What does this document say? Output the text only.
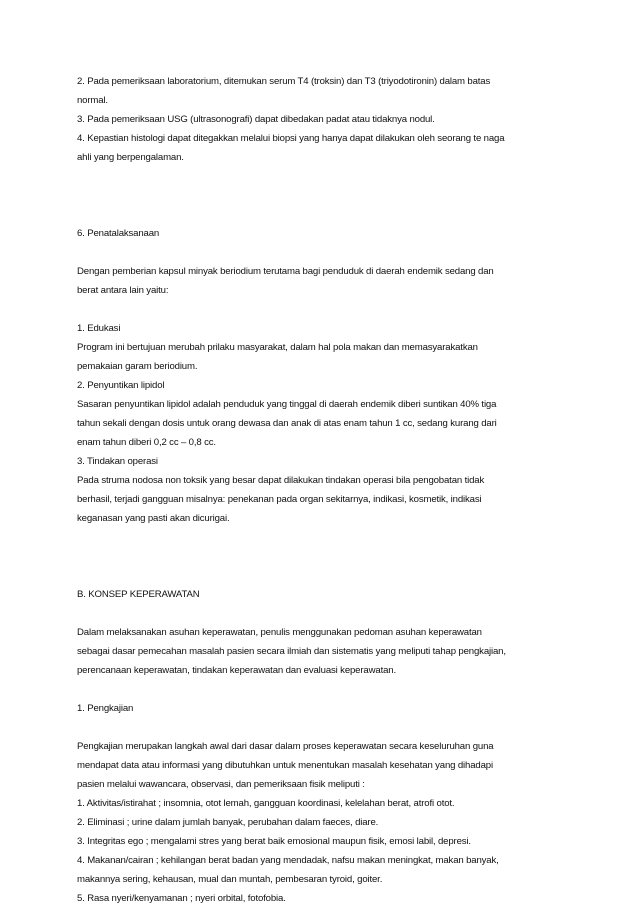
2. Pada pemeriksaan laboratorium, ditemukan serum T4 (troksin) dan T3 (triyodotironin) dalam batas

normal.

3. Pada pemeriksaan USG (ultrasonografi) dapat dibedakan padat atau tidaknya nodul.

4. Kepastian histologi dapat ditegakkan melalui biopsi yang hanya dapat dilakukan oleh seorang te naga

ahli yang berpengalaman.

6. Penatalaksanaan

Dengan pemberian kapsul minyak beriodium terutama bagi penduduk di daerah endemik sedang dan

berat antara lain yaitu:

1. Edukasi

Program ini bertujuan merubah prilaku masyarakat, dalam hal pola makan dan memasyarakatkan

pemakaian garam beriodium.

2. Penyuntikan lipidol

Sasaran penyuntikan lipidol adalah penduduk yang tinggal di daerah endemik diberi suntikan 40% tiga

tahun sekali dengan dosis untuk orang dewasa dan anak di atas enam tahun 1 cc, sedang kurang dari

enam tahun diberi 0,2 cc – 0,8 cc.

3. Tindakan operasi

Pada struma nodosa non toksik yang besar dapat dilakukan tindakan operasi bila pengobatan tidak

berhasil, terjadi gangguan misalnya: penekanan pada organ sekitarnya, indikasi, kosmetik, indikasi

keganasan yang pasti akan dicurigai.

B. KONSEP KEPERAWATAN

Dalam melaksanakan asuhan keperawatan, penulis menggunakan pedoman asuhan keperawatan

sebagai dasar pemecahan masalah pasien secara ilmiah dan sistematis yang meliputi tahap pengkajian,

perencanaan keperawatan, tindakan keperawatan dan evaluasi keperawatan.

1. Pengkajian

Pengkajian merupakan langkah awal dari dasar dalam proses keperawatan secara keseluruhan guna

mendapat data atau informasi yang dibutuhkan untuk menentukan masalah kesehatan yang dihadapi

pasien melalui wawancara, observasi, dan pemeriksaan fisik meliputi :

1. Aktivitas/istirahat ; insomnia, otot lemah, gangguan koordinasi, kelelahan berat, atrofi otot.

2. Eliminasi ; urine dalam jumlah banyak, perubahan dalam faeces, diare.

3. Integritas ego ; mengalami stres yang berat baik emosional maupun fisik, emosi labil, depresi.

4. Makanan/cairan ; kehilangan berat badan yang mendadak, nafsu makan meningkat, makan banyak,

makannya sering, kehausan, mual dan muntah, pembesaran tyroid, goiter.

5. Rasa nyeri/kenyamanan ; nyeri orbital, fotofobia.
